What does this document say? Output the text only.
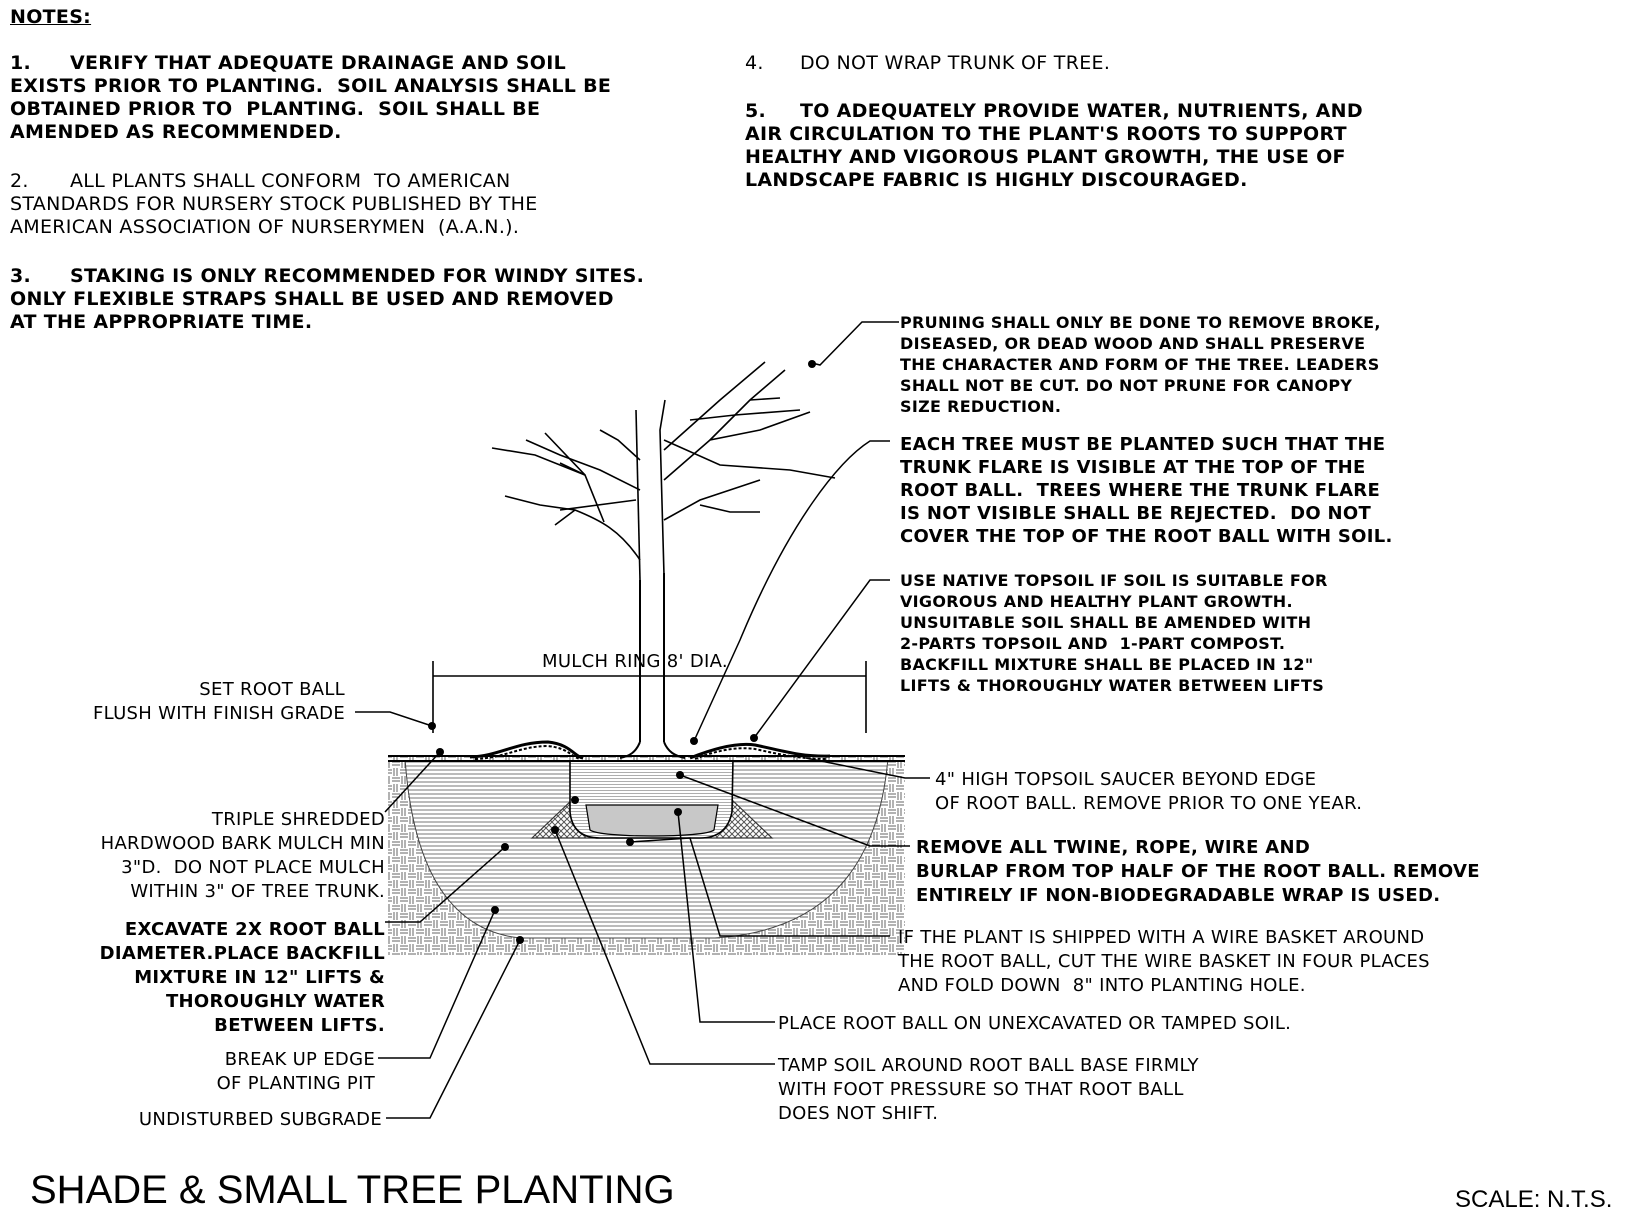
NOTES:
1. VERIFY THAT ADEQUATE DRAINAGE AND SOIL
EXISTS PRIOR TO PLANTING.  SOIL ANALYSIS SHALL BE
OBTAINED PRIOR TO  PLANTING.  SOIL SHALL BE
AMENDED AS RECOMMENDED.
2. ALL PLANTS SHALL CONFORM  TO AMERICAN
STANDARDS FOR NURSERY STOCK PUBLISHED BY THE
AMERICAN ASSOCIATION OF NURSERYMEN  (A.A.N.).
3. STAKING IS ONLY RECOMMENDED FOR WINDY SITES.
ONLY FLEXIBLE STRAPS SHALL BE USED AND REMOVED
AT THE APPROPRIATE TIME.
4. DO NOT WRAP TRUNK OF TREE.
5. TO ADEQUATELY PROVIDE WATER, NUTRIENTS, AND
AIR CIRCULATION TO THE PLANT'S ROOTS TO SUPPORT
HEALTHY AND VIGOROUS PLANT GROWTH, THE USE OF
LANDSCAPE FABRIC IS HIGHLY DISCOURAGED.
PRUNING SHALL ONLY BE DONE TO REMOVE BROKE,
DISEASED, OR DEAD WOOD AND SHALL PRESERVE
THE CHARACTER AND FORM OF THE TREE. LEADERS
SHALL NOT BE CUT. DO NOT PRUNE FOR CANOPY
SIZE REDUCTION.
EACH TREE MUST BE PLANTED SUCH THAT THE
TRUNK FLARE IS VISIBLE AT THE TOP OF THE
ROOT BALL.  TREES WHERE THE TRUNK FLARE
IS NOT VISIBLE SHALL BE REJECTED.  DO NOT
COVER THE TOP OF THE ROOT BALL WITH SOIL.
USE NATIVE TOPSOIL IF SOIL IS SUITABLE FOR
VIGOROUS AND HEALTHY PLANT GROWTH.
UNSUITABLE SOIL SHALL BE AMENDED WITH
2-PARTS TOPSOIL AND  1-PART COMPOST.
BACKFILL MIXTURE SHALL BE PLACED IN 12"
LIFTS & THOROUGHLY WATER BETWEEN LIFTS
MULCH RING 8' DIA.
SET ROOT BALL
FLUSH WITH FINISH GRADE
4" HIGH TOPSOIL SAUCER BEYOND EDGE
OF ROOT BALL. REMOVE PRIOR TO ONE YEAR.
TRIPLE SHREDDED
HARDWOOD BARK MULCH MIN
3"D.  DO NOT PLACE MULCH
WITHIN 3" OF TREE TRUNK.
REMOVE ALL TWINE, ROPE, WIRE AND
BURLAP FROM TOP HALF OF THE ROOT BALL. REMOVE
ENTIRELY IF NON-BIODEGRADABLE WRAP IS USED.
EXCAVATE 2X ROOT BALL
DIAMETER.PLACE BACKFILL
MIXTURE IN 12" LIFTS &
THOROUGHLY WATER
BETWEEN LIFTS.
IF THE PLANT IS SHIPPED WITH A WIRE BASKET AROUND
THE ROOT BALL, CUT THE WIRE BASKET IN FOUR PLACES
AND FOLD DOWN  8" INTO PLANTING HOLE.
PLACE ROOT BALL ON UNEXCAVATED OR TAMPED SOIL.
BREAK UP EDGE
OF PLANTING PIT
TAMP SOIL AROUND ROOT BALL BASE FIRMLY
WITH FOOT PRESSURE SO THAT ROOT BALL
DOES NOT SHIFT.
UNDISTURBED SUBGRADE
SHADE & SMALL TREE PLANTING	SCALE: N.T.S.
